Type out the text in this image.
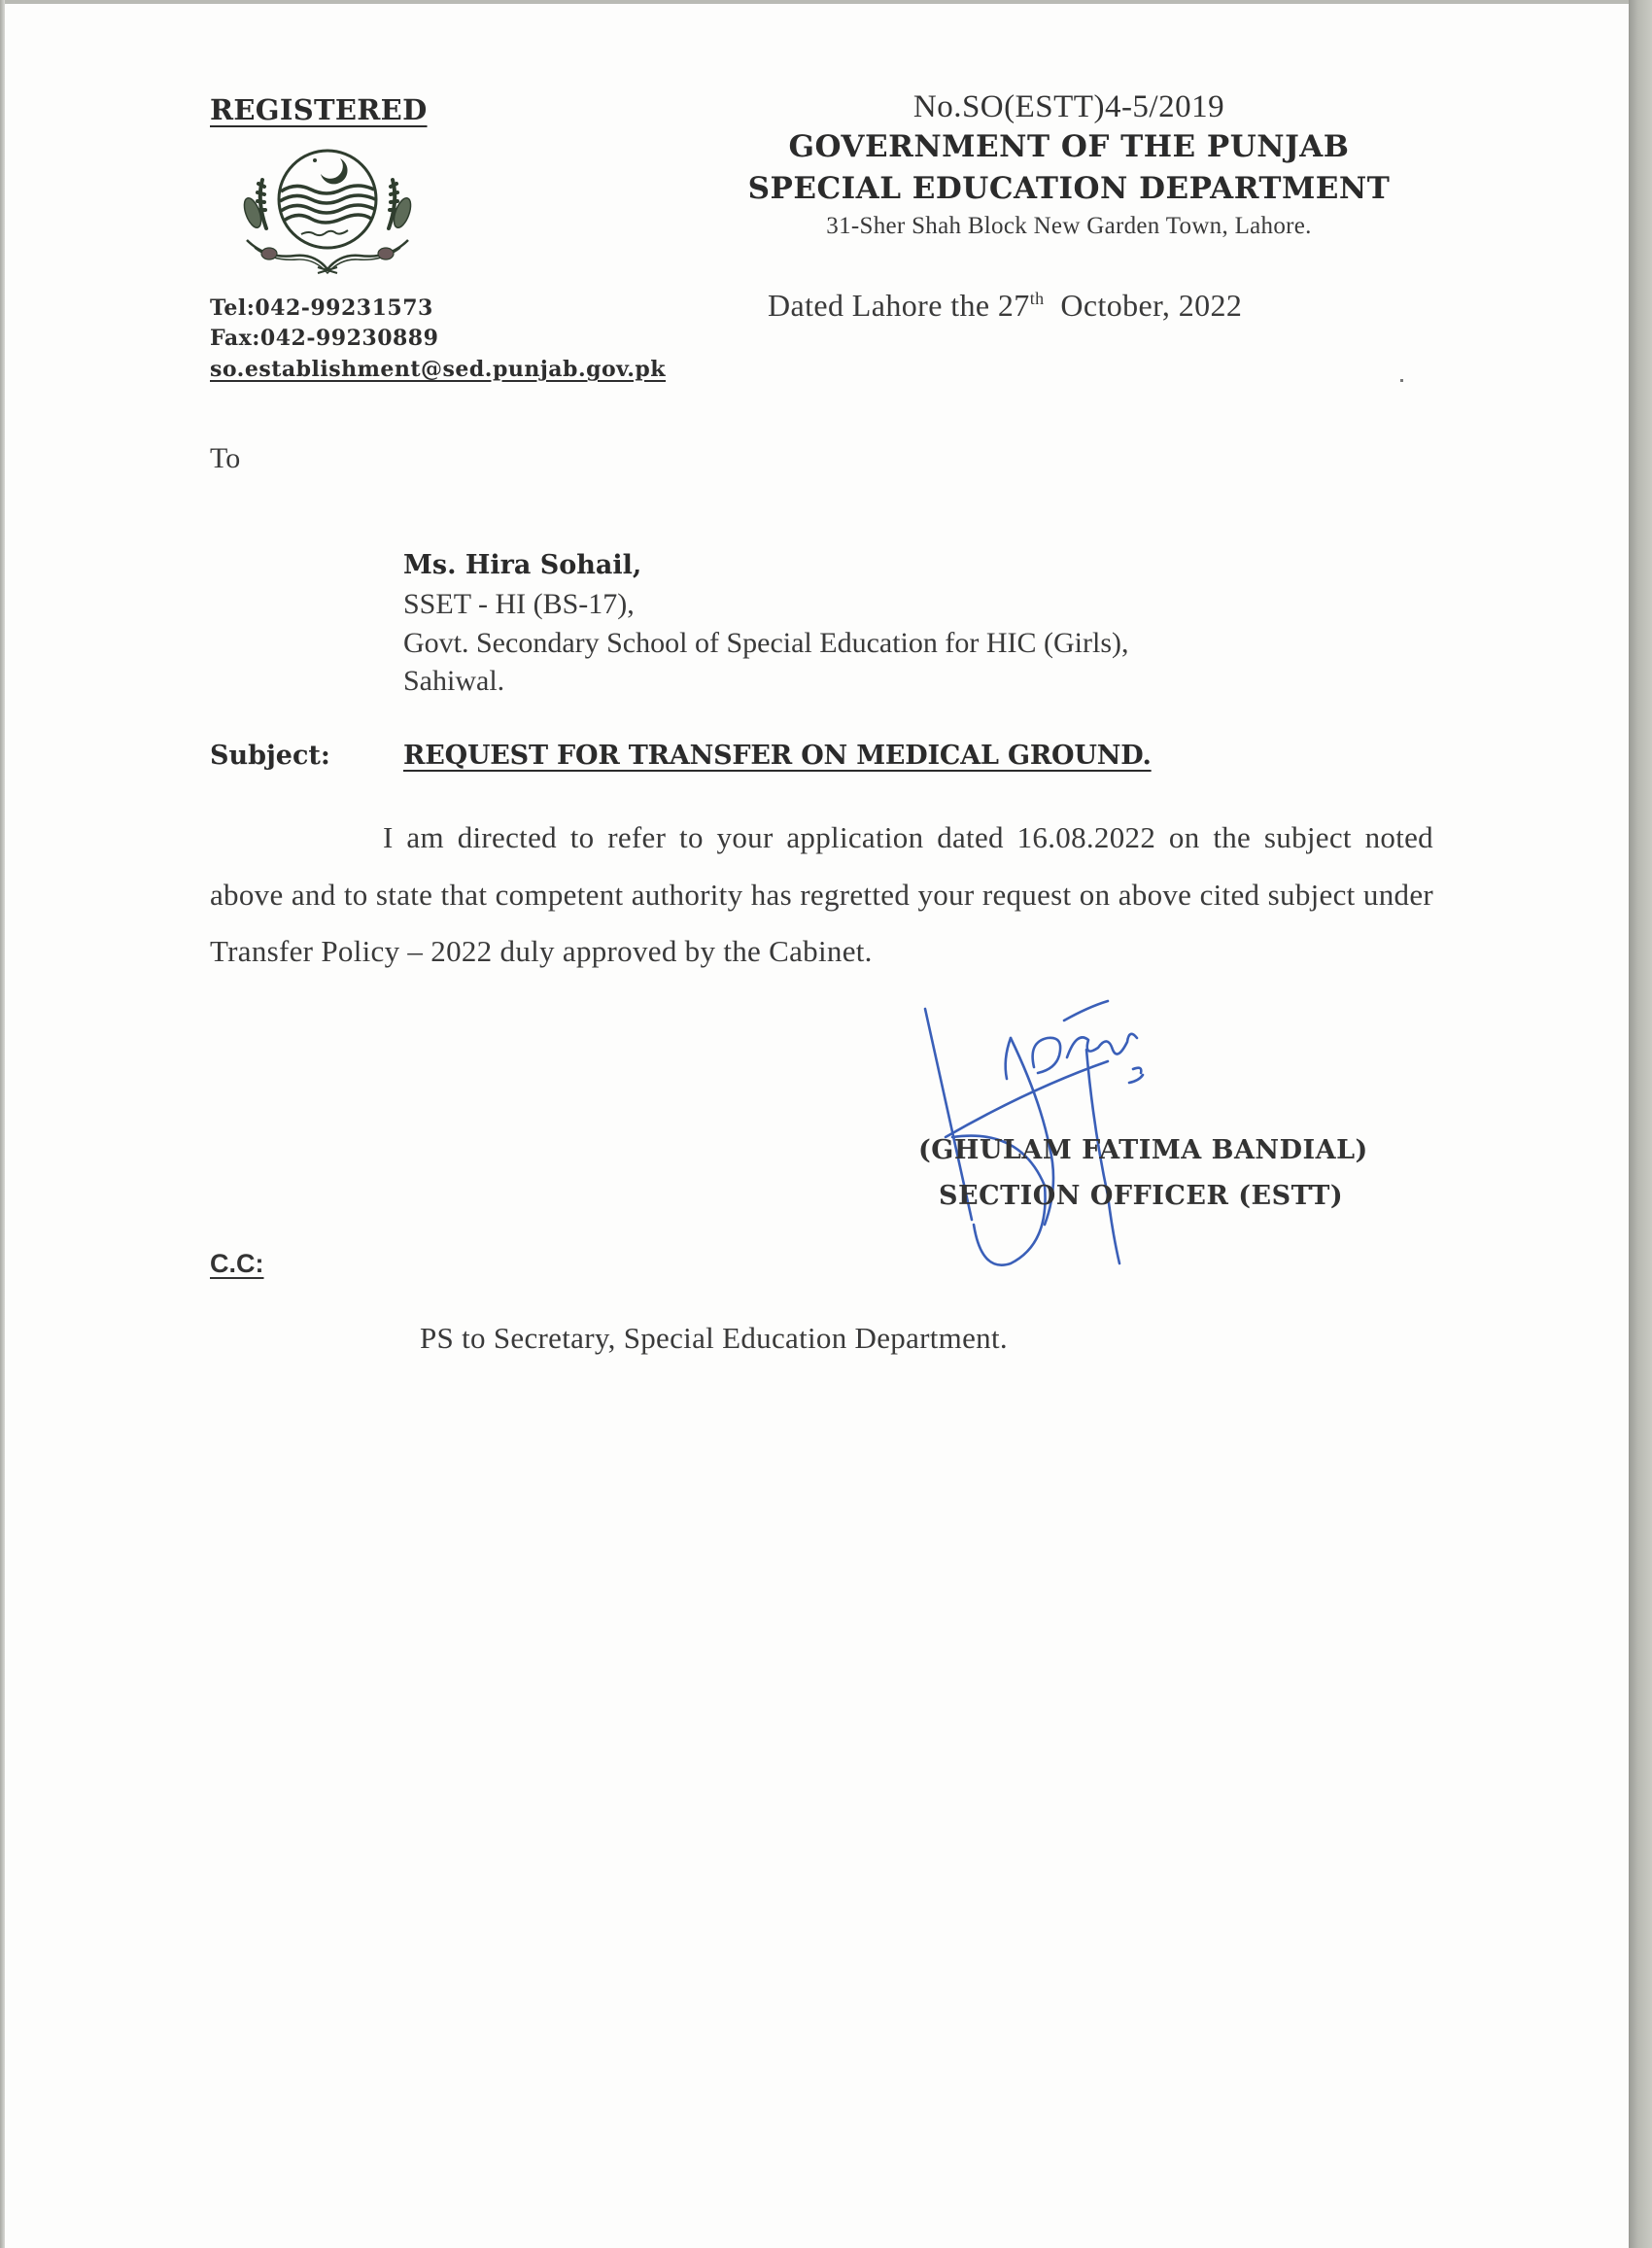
REGISTERED
Tel:042-99231573
Fax:042-99230889
so.establishment@sed.punjab.gov.pk
No.SO(ESTT)4-5/2019
GOVERNMENT OF THE PUNJAB
SPECIAL EDUCATION DEPARTMENT
31-Sher Shah Block New Garden Town, Lahore.
Dated Lahore the 27th  October, 2022
To
Ms. Hira Sohail,
SSET - HI (BS-17),
Govt. Secondary School of Special Education for HIC (Girls),
Sahiwal.
Subject:	REQUEST FOR TRANSFER ON MEDICAL GROUND.
I am directed to refer to your application dated 16.08.2022 on the subject noted above and to state that competent authority has regretted your request on above cited subject under Transfer Policy – 2022 duly approved by the Cabinet.
(GHULAM FATIMA BANDIAL)
SECTION OFFICER (ESTT)
C.C:
PS to Secretary, Special Education Department.
